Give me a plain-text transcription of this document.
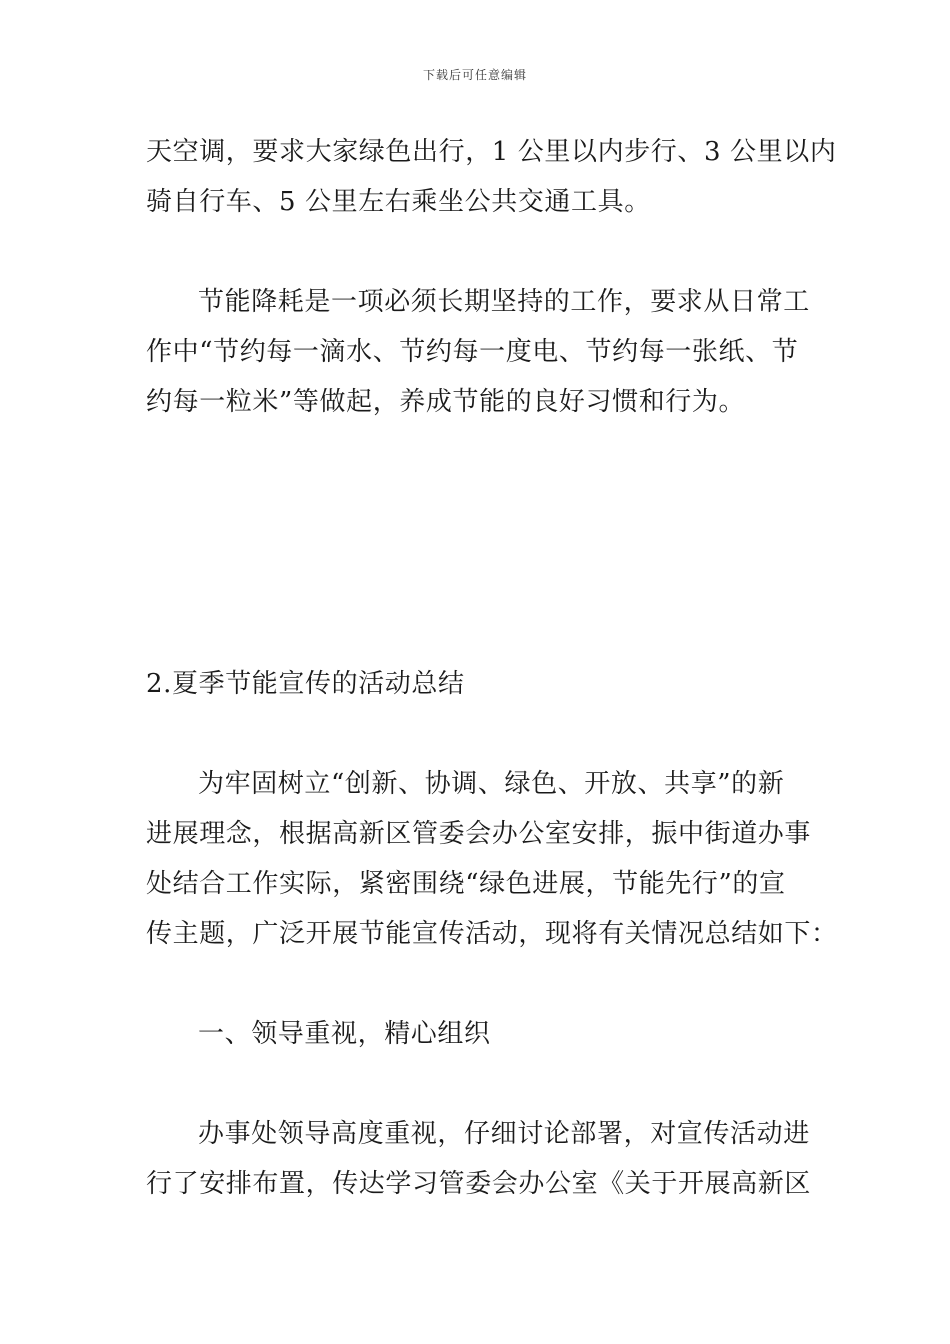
下载后可任意编辑

天空调，要求大家绿色出行，1 公里以内步行、3 公里以内
骑自行车、5 公里左右乘坐公共交通工具。

节能降耗是一项必须长期坚持的工作，要求从日常工
作中“节约每一滴水、节约每一度电、节约每一张纸、节
约每一粒米”等做起，养成节能的良好习惯和行为。

2.夏季节能宣传的活动总结

为牢固树立“创新、协调、绿色、开放、共享”的新
进展理念，根据高新区管委会办公室安排，振中街道办事
处结合工作实际，紧密围绕“绿色进展，节能先行”的宣
传主题，广泛开展节能宣传活动，现将有关情况总结如下：

一、领导重视，精心组织

办事处领导高度重视，仔细讨论部署，对宣传活动进
行了安排布置，传达学习管委会办公室《关于开展高新区
